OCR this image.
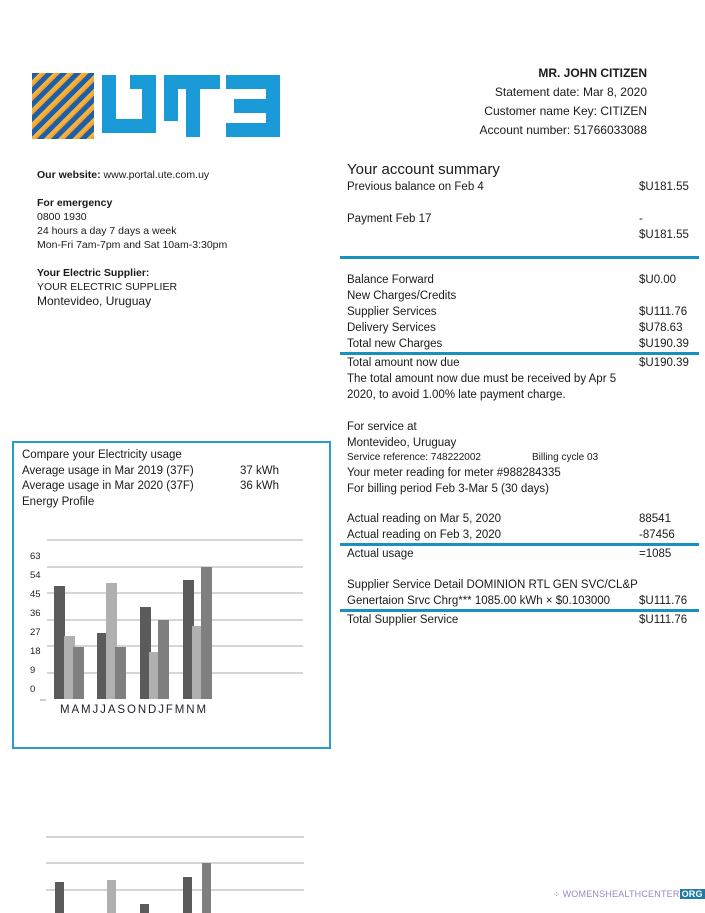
MR. JOHN CITIZEN
Statement date: Mar 8, 2020
Customer name Key: CITIZEN
Account number: 51766033088
Our website: www.portal.ute.com.uy
For emergency
0800 1930
24 hours a day 7 days a week
Mon-Fri 7am-7pm and Sat 10am-3:30pm
Your Electric Supplier:
YOUR ELECTRIC SUPPLIER
Montevideo, Uruguay
Your account summary
Previous balance on Feb 4	$U181.55
Payment Feb 17	-
$U181.55
Balance Forward	$U0.00
New Charges/Credits
Supplier Services	$U111.76
Delivery Services	$U78.63
Total new Charges	$U190.39
Total amount now due	$U190.39
The total amount now due must be received by Apr 5
2020, to avoid 1.00% late payment charge.
For service at
Montevideo, Uruguay
Service reference: 748222002	Billing cycle 03
Your meter reading for meter #988284335
For billing period Feb 3-Mar 5 (30 days)
Actual reading on Mar 5, 2020	88541
Actual reading on Feb 3, 2020	-87456
Actual usage	=1085
Supplier Service Detail DOMINION RTL GEN SVC/CL&P
Genertaion Srvc Chrg*** 1085.00 kWh × $0.103000	$U111.76
Total Supplier Service	$U111.76
Compare your Electricity usage
Average usage in Mar 2019 (37F)	37 kWh
Average usage in Mar 2020 (37F)	36 kWh
Energy Profile
63
54
45
36
27
18
9
0
MAMJJASONDJFMNM
⁘ WOMENSHEALTHCENTER ORG
